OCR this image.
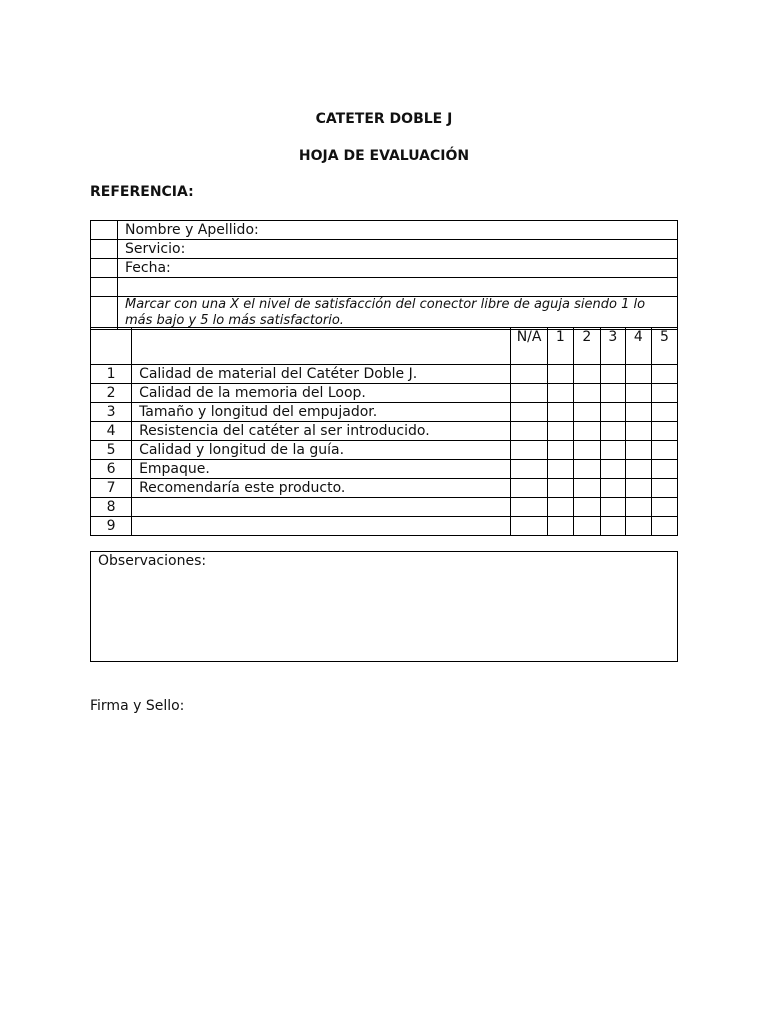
CATETER DOBLE J
HOJA DE EVALUACIÓN
REFERENCIA:
	Nombre y Apellido:
	Servicio:
	Fecha:

	Marcar con una X el nivel de satisfacción del conector libre de aguja siendo 1 lo más bajo y 5 lo más satisfactorio.
		N/A	1	2	3	4	5
1	Calidad de material del Catéter Doble J.						
2	Calidad de la memoria del Loop.						
3	Tamaño y longitud del empujador.						
4	Resistencia del catéter al ser introducido.						
5	Calidad y longitud de la guía.						
6	Empaque.						
7	Recomendaría este producto.						
8							
9							
Observaciones:
Firma y Sello:
